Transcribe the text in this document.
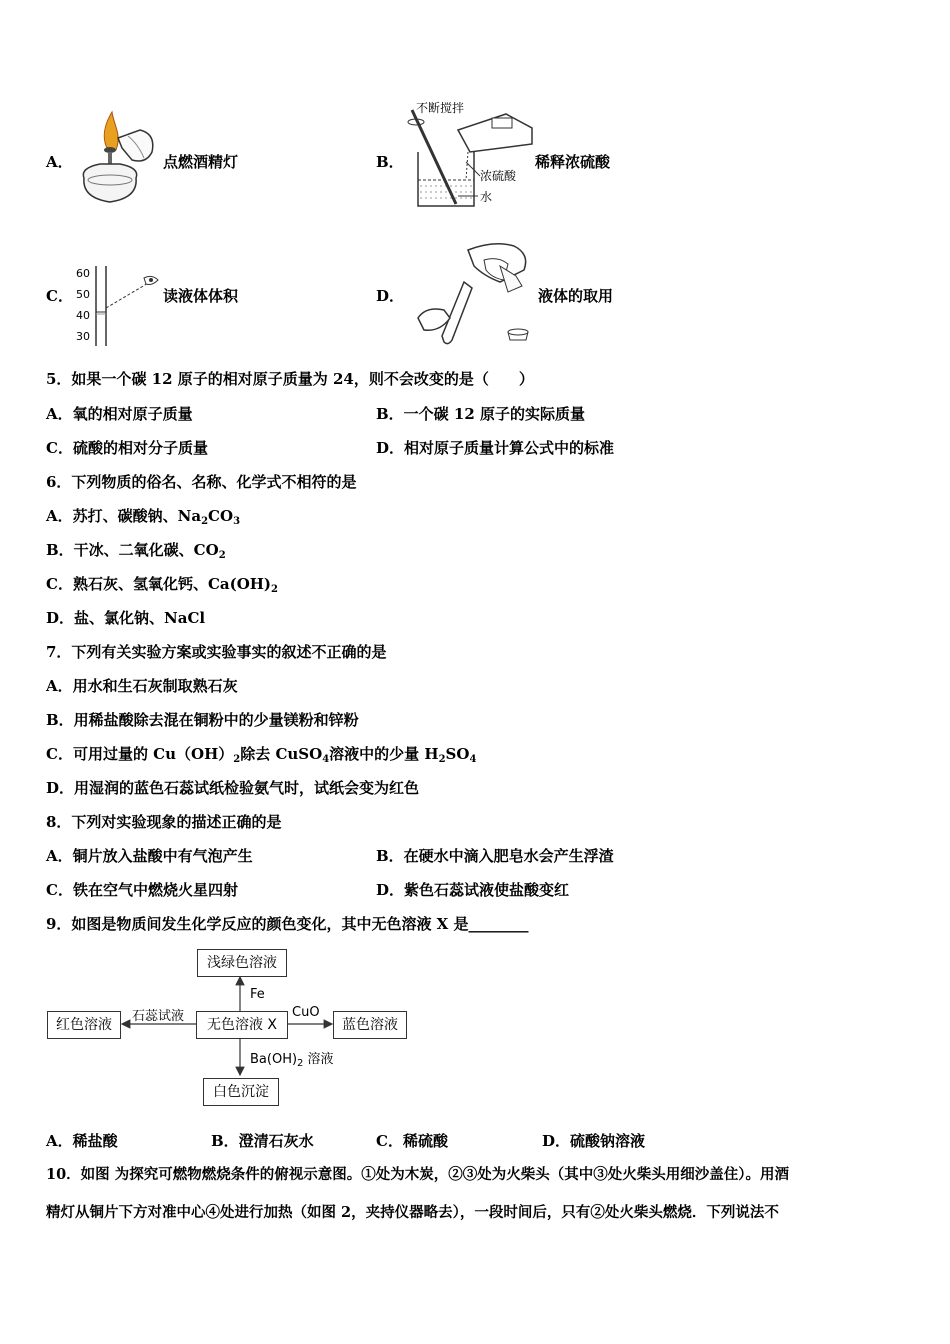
A．	点燃酒精灯	B．
不断搅拌
浓硫酸
水
稀释浓硫酸
C．
60
50
40
30
读液体体积	D．	液体的取用
5．如果一个碳 12 原子的相对原子质量为 24，则不会改变的是（　　）
A．氧的相对原子质量	B．一个碳 12 原子的实际质量
C．硫酸的相对分子质量	D．相对原子质量计算公式中的标准
6．下列物质的俗名、名称、化学式不相符的是
A．苏打、碳酸钠、$Na_2CO_3$
B．干冰、二氧化碳、$CO_2$
C．熟石灰、氢氧化钙、$Ca(OH)_2$
D．盐、氯化钠、NaCl
7．下列有关实验方案或实验事实的叙述不正确的是
A．用水和生石灰制取熟石灰
B．用稀盐酸除去混在铜粉中的少量镁粉和锌粉
C．可用过量的 $Cu(OH)_2$除去 CuSO$_4$溶液中的少量 $H_2SO_4$
D．用湿润的蓝色石蕊试纸检验氨气时，试纸会变为红色
8．下列对实验现象的描述正确的是
A．铜片放入盐酸中有气泡产生	B．在硬水中滴入肥皂水会产生浮渣
C．铁在空气中燃烧火星四射	D．紫色石蕊试液使盐酸变红
9．如图是物质间发生化学反应的颜色变化，其中无色溶液 X 是________
浅绿色溶液
红色溶液	无色溶液 X	蓝色溶液
白色沉淀
Fe
石蕊试液	CuO
$Ba(OH)_2$ 溶液
A．稀盐酸	B．澄清石灰水	C．稀硫酸	D．硫酸钠溶液
10．如图 为探究可燃物燃烧条件的俯视示意图。①处为木炭，②③处为火柴头（其中③处火柴头用细沙盖住）。用酒
精灯从铜片下方对准中心④处进行加热（如图 2，夹持仪器略去），一段时间后，只有②处火柴头燃烧．下列说法不
